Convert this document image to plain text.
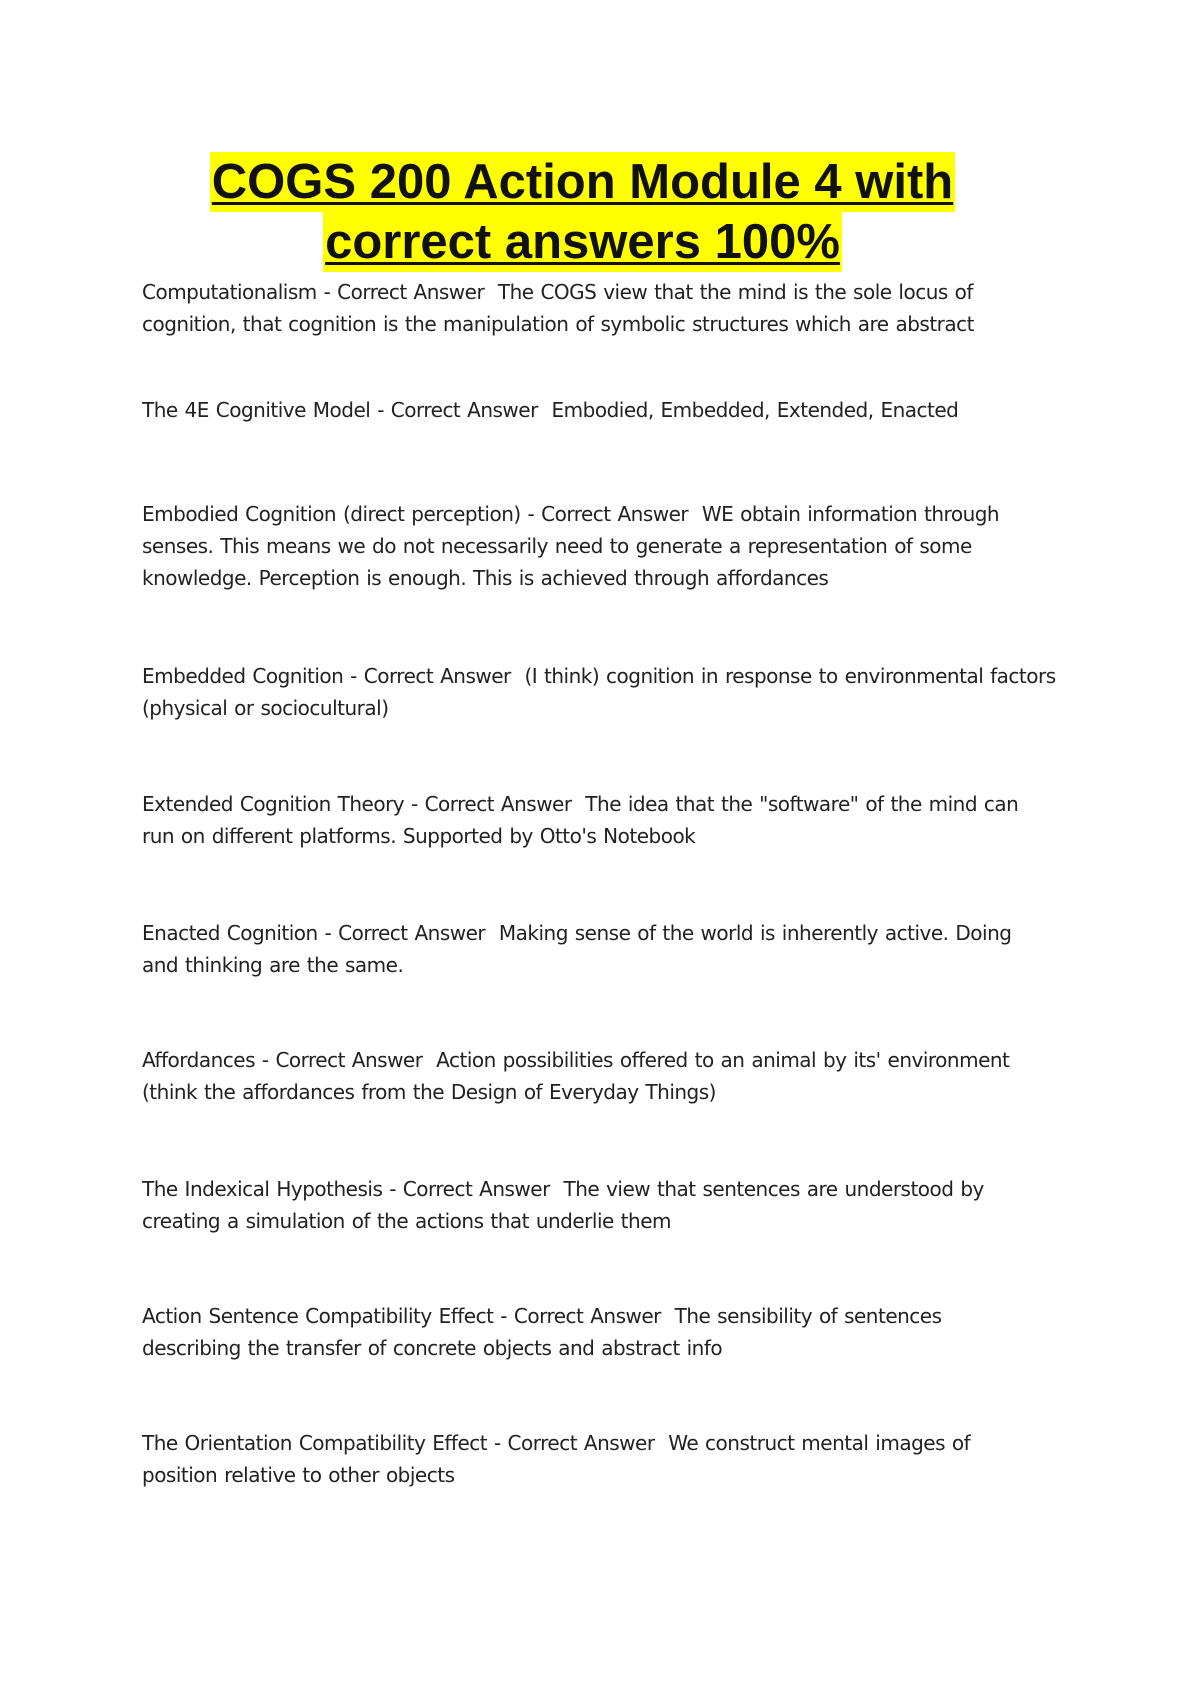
COGS 200 Action Module 4 with
correct answers 100%
Computationalism - Correct Answer  The COGS view that the mind is the sole locus of cognition, that cognition is the manipulation of symbolic structures which are abstract
The 4E Cognitive Model - Correct Answer  Embodied, Embedded, Extended, Enacted
Embodied Cognition (direct perception) - Correct Answer  WE obtain information through senses. This means we do not necessarily need to generate a representation of some knowledge. Perception is enough. This is achieved through affordances
Embedded Cognition - Correct Answer  (I think) cognition in response to environmental factors (physical or sociocultural)
Extended Cognition Theory - Correct Answer  The idea that the "software" of the mind can run on different platforms. Supported by Otto's Notebook
Enacted Cognition - Correct Answer  Making sense of the world is inherently active. Doing and thinking are the same.
Affordances - Correct Answer  Action possibilities offered to an animal by its' environment (think the affordances from the Design of Everyday Things)
The Indexical Hypothesis - Correct Answer  The view that sentences are understood by creating a simulation of the actions that underlie them
Action Sentence Compatibility Effect - Correct Answer  The sensibility of sentences describing the transfer of concrete objects and abstract info
The Orientation Compatibility Effect - Correct Answer  We construct mental images of position relative to other objects
